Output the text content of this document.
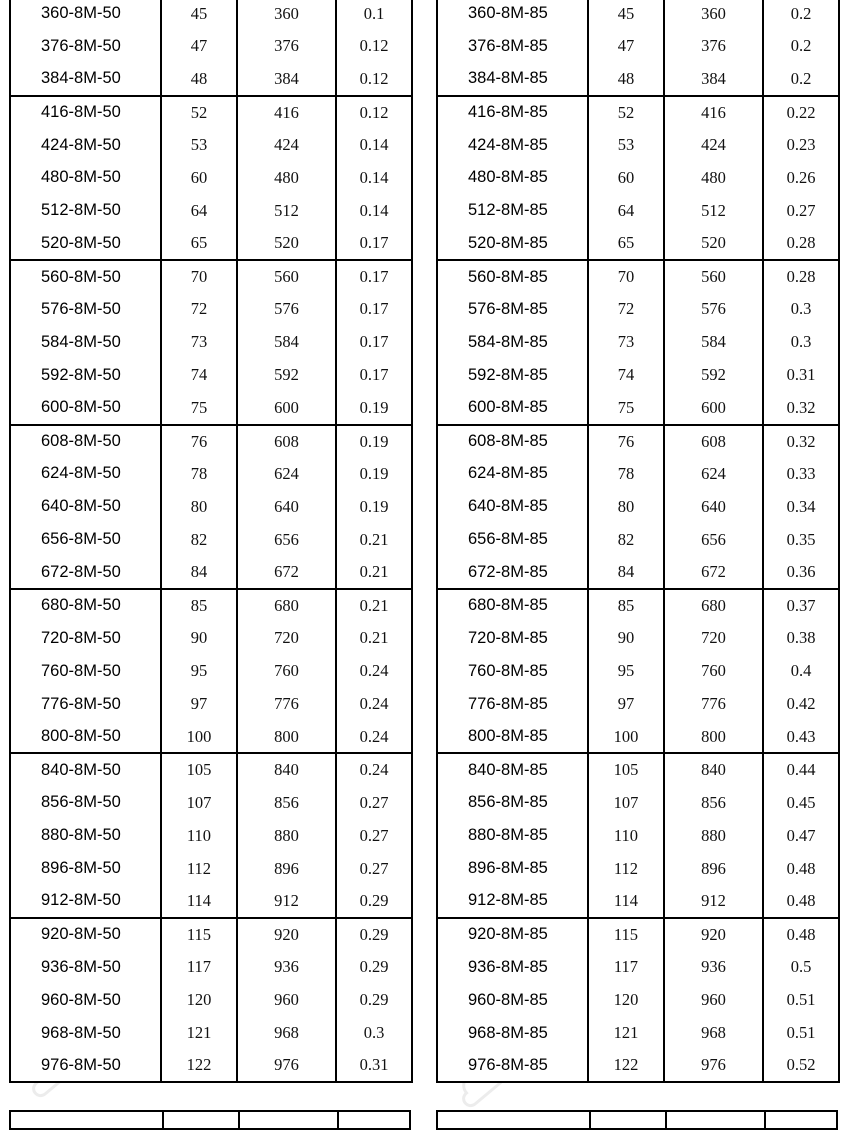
360-8M-50	45	360	0.1
376-8M-50	47	376	0.12
384-8M-50	48	384	0.12
416-8M-50	52	416	0.12
424-8M-50	53	424	0.14
480-8M-50	60	480	0.14
512-8M-50	64	512	0.14
520-8M-50	65	520	0.17
560-8M-50	70	560	0.17
576-8M-50	72	576	0.17
584-8M-50	73	584	0.17
592-8M-50	74	592	0.17
600-8M-50	75	600	0.19
608-8M-50	76	608	0.19
624-8M-50	78	624	0.19
640-8M-50	80	640	0.19
656-8M-50	82	656	0.21
672-8M-50	84	672	0.21
680-8M-50	85	680	0.21
720-8M-50	90	720	0.21
760-8M-50	95	760	0.24
776-8M-50	97	776	0.24
800-8M-50	100	800	0.24
840-8M-50	105	840	0.24
856-8M-50	107	856	0.27
880-8M-50	110	880	0.27
896-8M-50	112	896	0.27
912-8M-50	114	912	0.29
920-8M-50	115	920	0.29
936-8M-50	117	936	0.29
960-8M-50	120	960	0.29
968-8M-50	121	968	0.3
976-8M-50	122	976	0.31
360-8M-85	45	360	0.2
376-8M-85	47	376	0.2
384-8M-85	48	384	0.2
416-8M-85	52	416	0.22
424-8M-85	53	424	0.23
480-8M-85	60	480	0.26
512-8M-85	64	512	0.27
520-8M-85	65	520	0.28
560-8M-85	70	560	0.28
576-8M-85	72	576	0.3
584-8M-85	73	584	0.3
592-8M-85	74	592	0.31
600-8M-85	75	600	0.32
608-8M-85	76	608	0.32
624-8M-85	78	624	0.33
640-8M-85	80	640	0.34
656-8M-85	82	656	0.35
672-8M-85	84	672	0.36
680-8M-85	85	680	0.37
720-8M-85	90	720	0.38
760-8M-85	95	760	0.4
776-8M-85	97	776	0.42
800-8M-85	100	800	0.43
840-8M-85	105	840	0.44
856-8M-85	107	856	0.45
880-8M-85	110	880	0.47
896-8M-85	112	896	0.48
912-8M-85	114	912	0.48
920-8M-85	115	920	0.48
936-8M-85	117	936	0.5
960-8M-85	120	960	0.51
968-8M-85	121	968	0.51
976-8M-85	122	976	0.52
